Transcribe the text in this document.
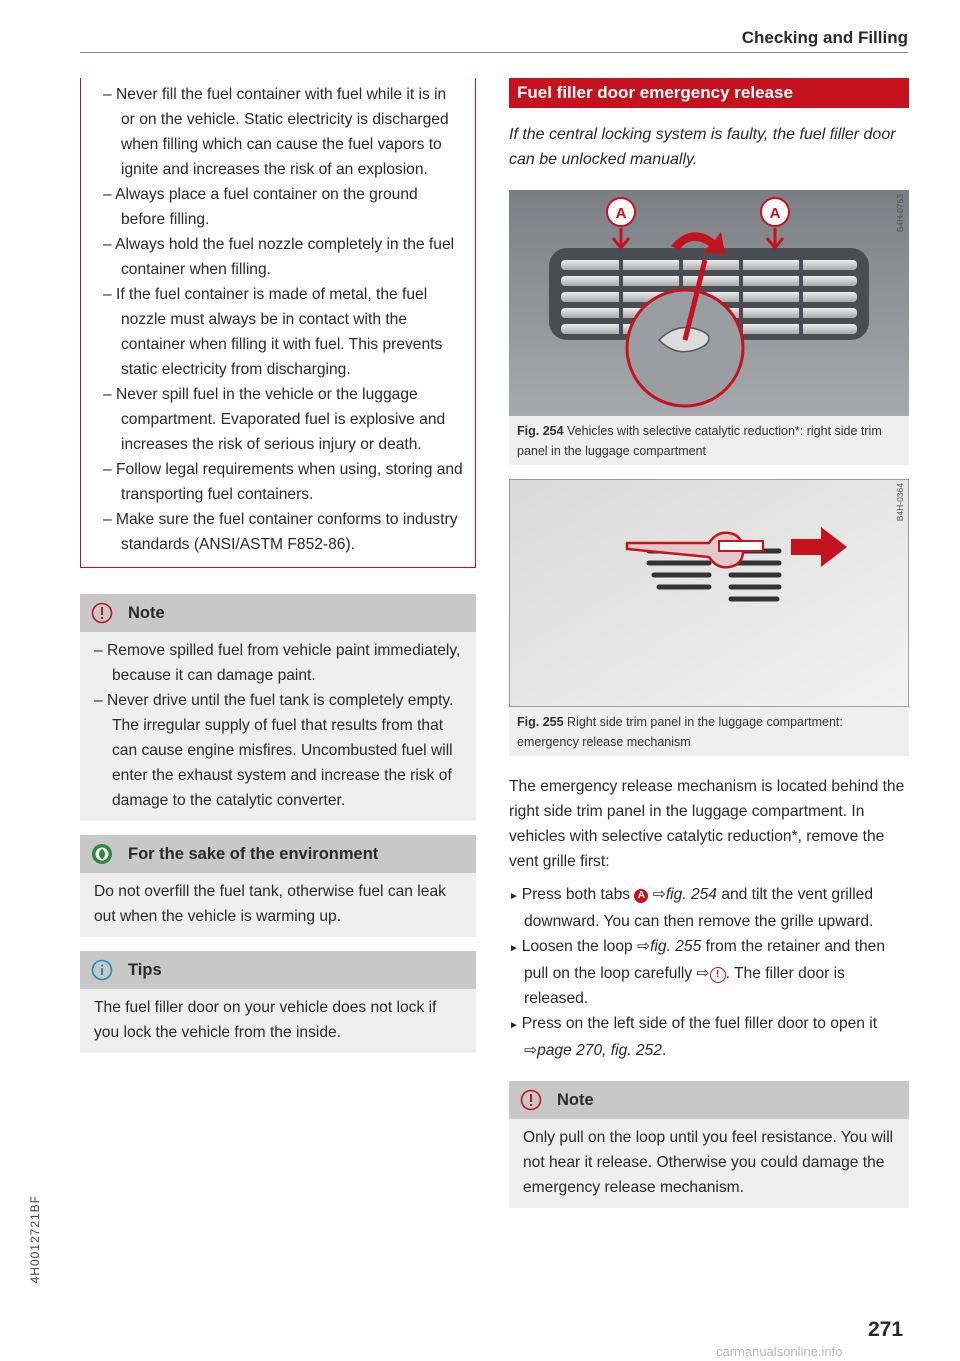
Checking and Filling
– Never fill the fuel container with fuel while it is in or on the vehicle. Static electricity is discharged when filling which can cause the fuel vapors to ignite and increases the risk of an explosion.
– Always place a fuel container on the ground before filling.
– Always hold the fuel nozzle completely in the fuel container when filling.
– If the fuel container is made of metal, the fuel nozzle must always be in contact with the container when filling it with fuel. This prevents static electricity from discharging.
– Never spill fuel in the vehicle or the luggage compartment. Evaporated fuel is explosive and increases the risk of serious injury or death.
– Follow legal requirements when using, storing and transporting fuel containers.
– Make sure the fuel container conforms to industry standards (ANSI/ASTM F852-86).
Note
– Remove spilled fuel from vehicle paint immediately, because it can damage paint.
– Never drive until the fuel tank is completely empty. The irregular supply of fuel that results from that can cause engine misfires. Uncombusted fuel will enter the exhaust system and increase the risk of damage to the catalytic converter.
For the sake of the environment

Do not overfill the fuel tank, otherwise fuel can leak out when the vehicle is warming up.

Tips

The fuel filler door on your vehicle does not lock if you lock the vehicle from the inside.

Fuel filler door emergency release

If the central locking system is faulty, the fuel filler door can be unlocked manually.

A	A	B4H-0753
Fig. 254 Vehicles with selective catalytic reduction*: right side trim panel in the luggage compartment
B4H-0364
Fig. 255 Right side trim panel in the luggage compartment: emergency release mechanism

The emergency release mechanism is located behind the right side trim panel in the luggage compartment. In vehicles with selective catalytic reduction*, remove the vent grille first:

► Press both tabs A ⇨fig. 254 and tilt the vent grilled downward. You can then remove the grille upward.
► Loosen the loop ⇨fig. 255 from the retainer and then pull on the loop carefully ⇨ ! . The filler door is released.
► Press on the left side of the fuel filler door to open it ⇨page 270, fig. 252.
Note

Only pull on the loop until you feel resistance. You will not hear it release. Otherwise you could damage the emergency release mechanism.

271
4H0012721BF
carmanualsonline.info
